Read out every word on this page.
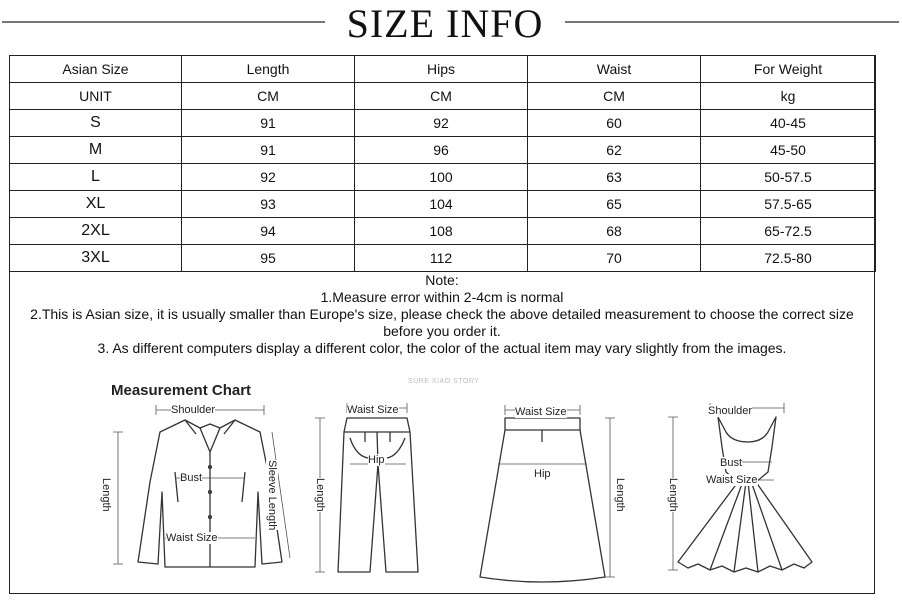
SIZE INFO
Asian Size	Length	Hips	Waist	For Weight
UNIT	CM	CM	CM	kg
S	91	92	60	40-45
M	91	96	62	45-50
L	92	100	63	50-57.5
XL	93	104	65	57.5-65
2XL	94	108	68	65-72.5
3XL	95	112	70	72.5-80
Note:
1.Measure error within 2-4cm is normal
2.This is Asian size, it is usually smaller than Europe's size, please check the above detailed measurement to choose the correct size before you order it.
3. As different computers display a different color, the color of the actual item may vary slightly from the images.
Measurement Chart
SURE XIAO STORY
Shoulder
Bust
Waist Size
Length	Sleeve Length
Waist Size
Hip
Length
Waist Size
Hip
Length
Shoulder
Bust
Waist Size
Length
